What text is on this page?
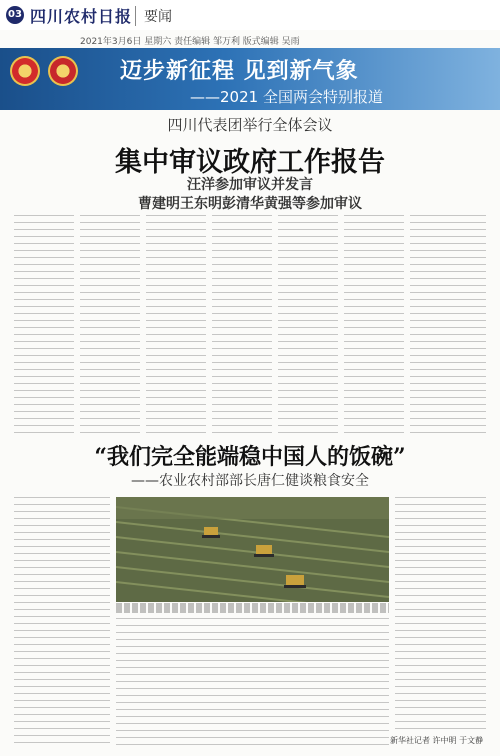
03 四川农村日报 要闻
2021年3月6日 星期六 责任编辑 邹万利 版式编辑 吴雨
迈步新征程 见到新气象
——2021 全国两会特别报道
四川代表团举行全体会议
集中审议政府工作报告
汪洋参加审议并发言
曹建明王东明彭清华黄强等参加审议
“我们完全能端稳中国人的饭碗”
——农业农村部部长唐仁健谈粮食安全
新华社记者 许中明 于文静
